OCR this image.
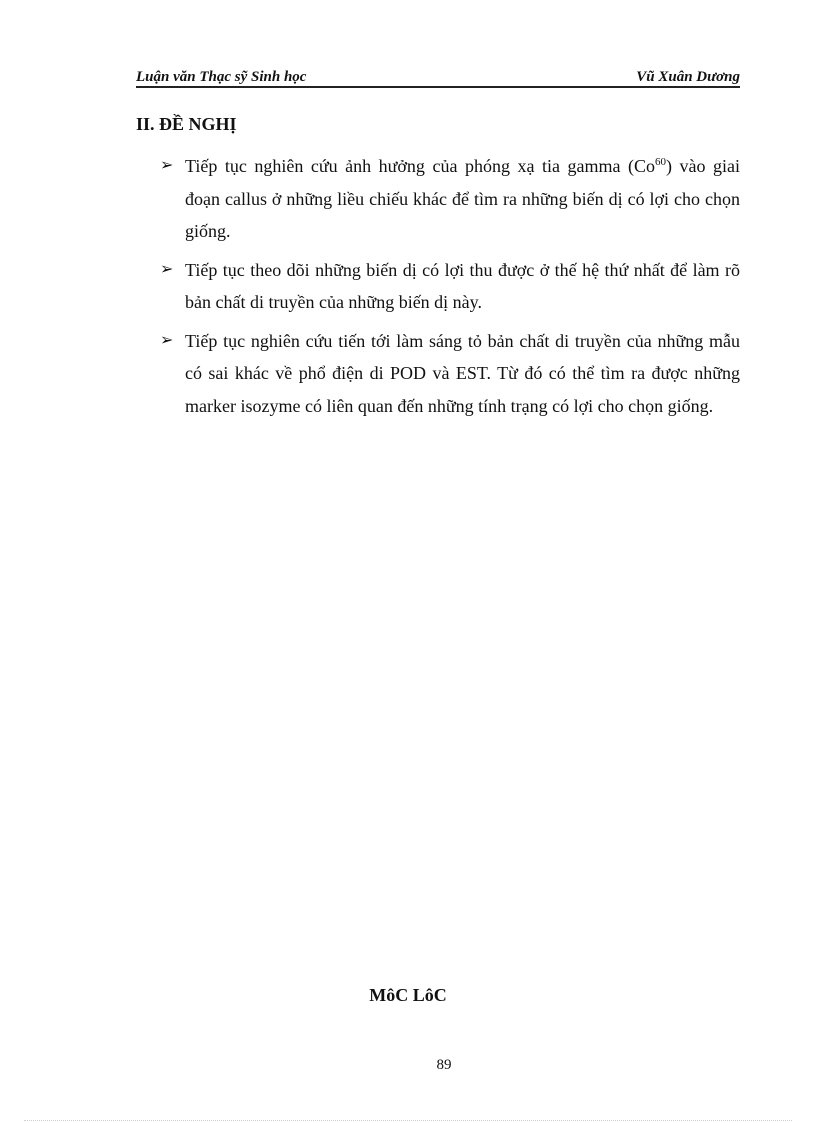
Luận văn Thạc sỹ Sinh học	Vũ Xuân Dương
II. ĐỀ NGHỊ
➢ Tiếp tục nghiên cứu ảnh hưởng của phóng xạ tia gamma (Co$^{60}$) vào giai đoạn callus ở những liều chiếu khác để tìm ra những biến dị có lợi cho chọn giống.
➢ Tiếp tục theo dõi những biến dị có lợi thu được ở thế hệ thứ nhất để làm rõ bản chất di truyền của những biến dị này.
➢ Tiếp tục nghiên cứu tiến tới làm sáng tỏ bản chất di truyền của những mẫu có sai khác về phổ điện di POD và EST. Từ đó có thể tìm ra được những marker isozyme có liên quan đến những tính trạng có lợi cho chọn giống.
MôC LôC
89
